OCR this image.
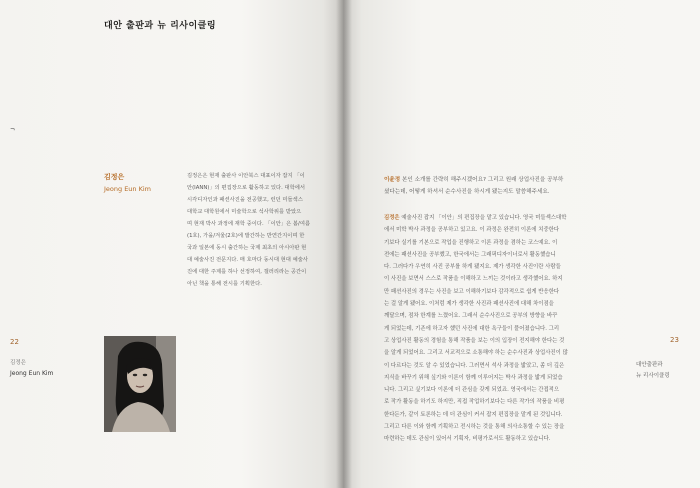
대안 출판과 뉴 리사이클링
¬
김정은
Jeong Eun Kim
김정은은 현재 출판사 이안북스 대표이자 잡지 「이
안(IANN)」의 편집장으로 활동하고 있다. 대학에서
시각디자인과 패션사진을 전공했고, 런던 미들섹스
대학교 대학원에서 미술학으로 석사학위를 받았으
며 현재 박사 과정에 재학 중이다. 「이안」은 봄/여름
(1호), 가을/겨울(2호)에 발간하는 반연간지이며 한
국과 일본에 동시 출간하는 국제 최초의 아시아판 현
대 예술사진 전문지다. 매 호마다 동시대 현대 예술사
진에 대한 주제를 하나 선정하여, 갤러리라는 공간이
아닌 책을 통해 전시를 기획한다.
22
김정은
Jeong Eun Kim
이윤정 본인 소개를 간략히 해주시겠어요? 그리고 원래 상업사진을 공부하
셨다는데, 어떻게 하셔서 순수사진을 하시게 됐는지도 말씀해주세요.
김정은 예술사진 잡지 「이안」의 편집장을 맡고 있습니다. 영국 미들섹스대학
에서 미학 박사 과정을 공부하고 있고요. 이 과정은 완전히 이론에 치중한다
기보다 실기를 기본으로 작업을 진행하고 이론 과정을 겸하는 코스예요. 이
전에는 패션사진을 공부했고, 한국에서는 그래픽디자이너로서 활동했습니
다. 그러다가 우연히 사진 공부를 하게 됐지요. 제가 생각한 사진이란 사람들
이 사진을 보면서 스스로 작품을 이해하고 느끼는 것이라고 생각했어요. 하지
만 패션사진의 경우는 사진을 보고 이해하기보다 감각적으로 쉽게 반응한다
는 걸 알게 됐어요. 이처럼 제가 생각한 사진과 패션사진에 대해 차이점을
깨달으며, 점차 한계를 느꼈어요. 그래서 순수사진으로 공부의 방향을 바꾸
게 되었는데, 기존에 하고자 했던 사진에 대한 욕구들이 풀어졌습니다. 그리
고 상업사진 활동의 경험을 통해 작품을 보는 이의 입장이 전지해야 한다는 것
을 알게 되었어요. 그리고 서교적으로 소통해야 하는 순수사진과 상업사진이 많
이 다르다는 것도 알 수 있었습니다. 그러면서 석사 과정을 밟았고, 좀 더 깊은
지식을 바꾸기 위해 싶기와 이론이 함께 이루어지는 박사 과정을 밟게 되었습
니다. 그리고 싶기보다 이론에 더 관심을 갖게 되었죠. 영국에서는 간접적으
로 작가 활동을 하기도 하지만, 직접 작업하기보다는 다른 작가의 작품을 비평
한다든가, 같이 토론하는 데 더 관심이 커서 잡지 편집장을 맡게 된 것입니다.
그리고 다른 이와 함께 기획하고 전시하는 것을 통해 의사소통할 수 있는 장을
마련하는 데도 관심이 있어서 기획자, 비평가로서도 활동하고 있습니다.
23
대안출판과
뉴 리사이클링
